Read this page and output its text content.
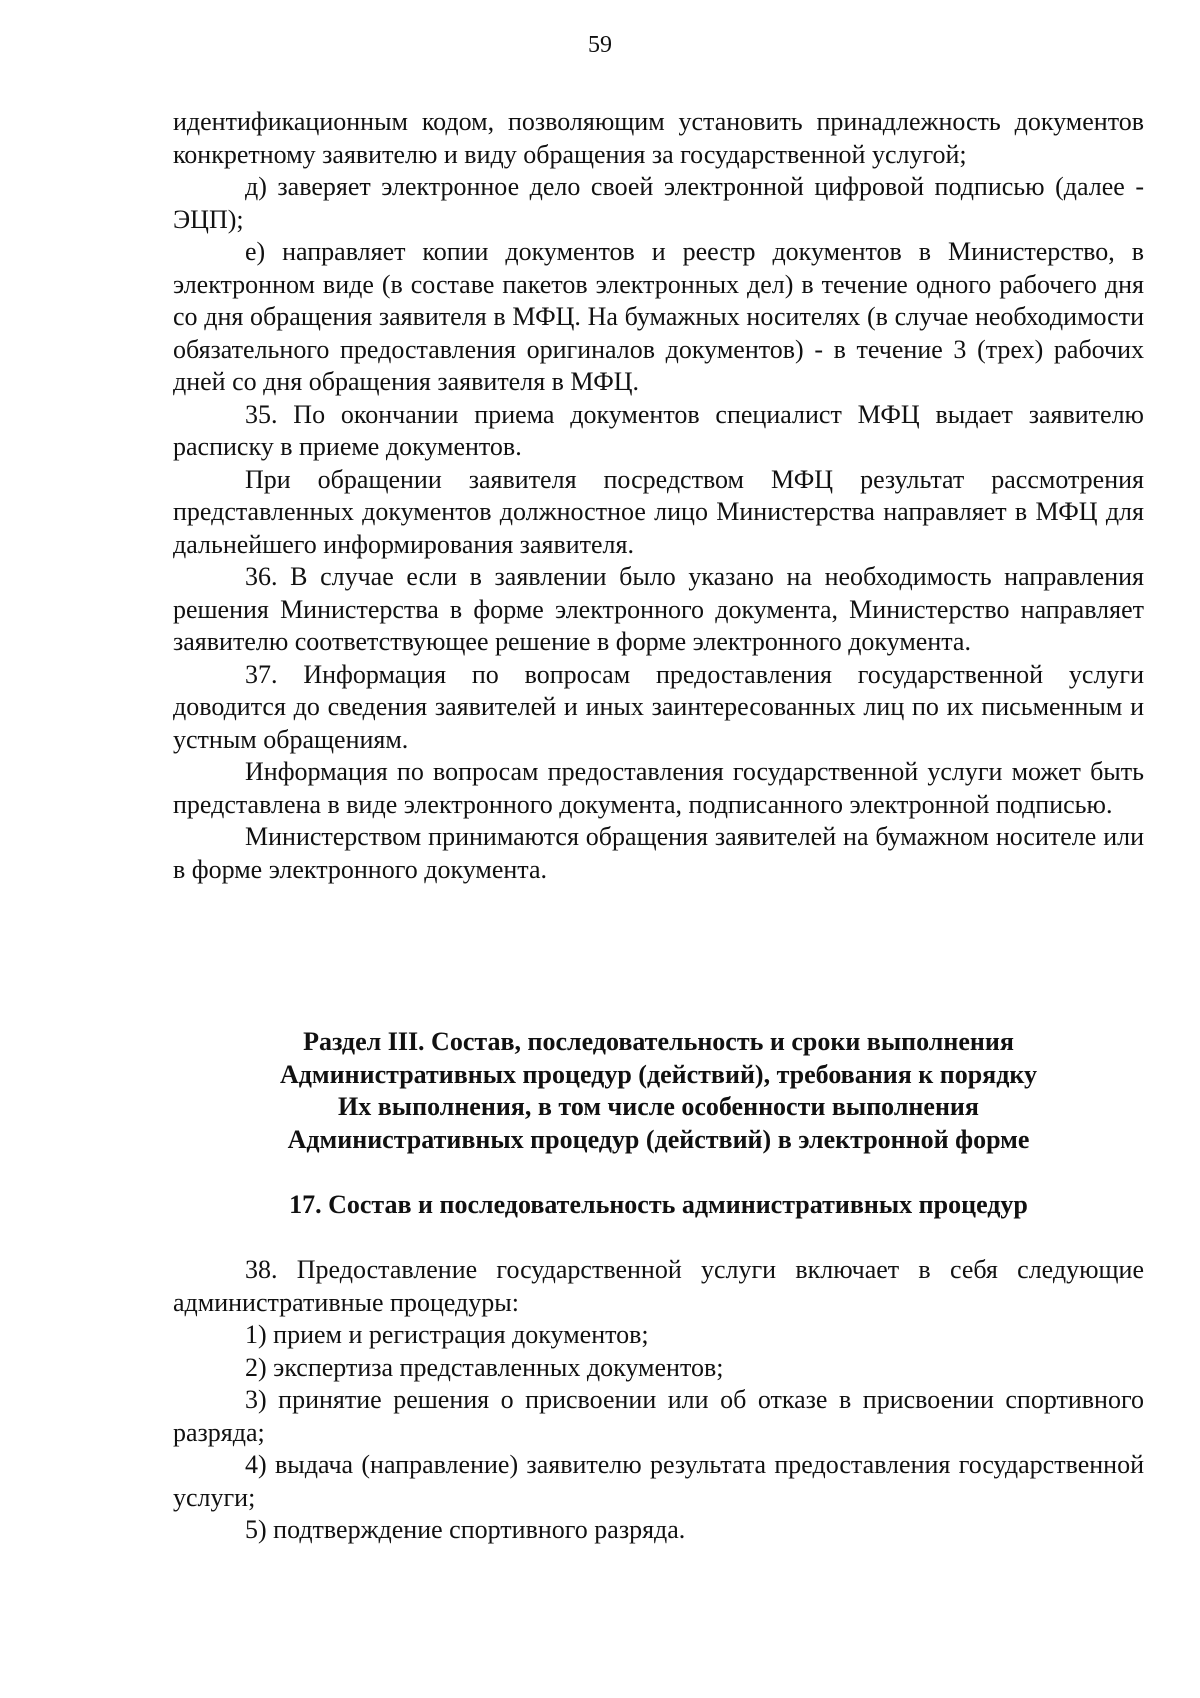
59

идентификационным кодом, позволяющим установить принадлежность документов конкретному заявителю и виду обращения за государственной услугой;

д) заверяет электронное дело своей электронной цифровой подписью (далее - ЭЦП);

е) направляет копии документов и реестр документов в Министерство, в электронном виде (в составе пакетов электронных дел) в течение одного рабочего дня со дня обращения заявителя в МФЦ. На бумажных носителях (в случае необходимости обязательного предоставления оригиналов документов) - в течение 3 (трех) рабочих дней со дня обращения заявителя в МФЦ.

35. По окончании приема документов специалист МФЦ выдает заявителю расписку в приеме документов.

При обращении заявителя посредством МФЦ результат рассмотрения представленных документов должностное лицо Министерства направляет в МФЦ для дальнейшего информирования заявителя.

36. В случае если в заявлении было указано на необходимость направления решения Министерства в форме электронного документа, Министерство направляет заявителю соответствующее решение в форме электронного документа.

37. Информация по вопросам предоставления государственной услуги доводится до сведения заявителей и иных заинтересованных лиц по их письменным и устным обращениям.

Информация по вопросам предоставления государственной услуги может быть представлена в виде электронного документа, подписанного электронной подписью.

Министерством принимаются обращения заявителей на бумажном носителе или в форме электронного документа.

Раздел III. Состав, последовательность и сроки выполнения
Административных процедур (действий), требования к порядку
Их выполнения, в том числе особенности выполнения
Административных процедур (действий) в электронной форме
17. Состав и последовательность административных процедур

38. Предоставление государственной услуги включает в себя следующие административные процедуры:

1) прием и регистрация документов;

2) экспертиза представленных документов;

3) принятие решения о присвоении или об отказе в присвоении спортивного разряда;

4) выдача (направление) заявителю результата предоставления государственной услуги;

5) подтверждение спортивного разряда.
